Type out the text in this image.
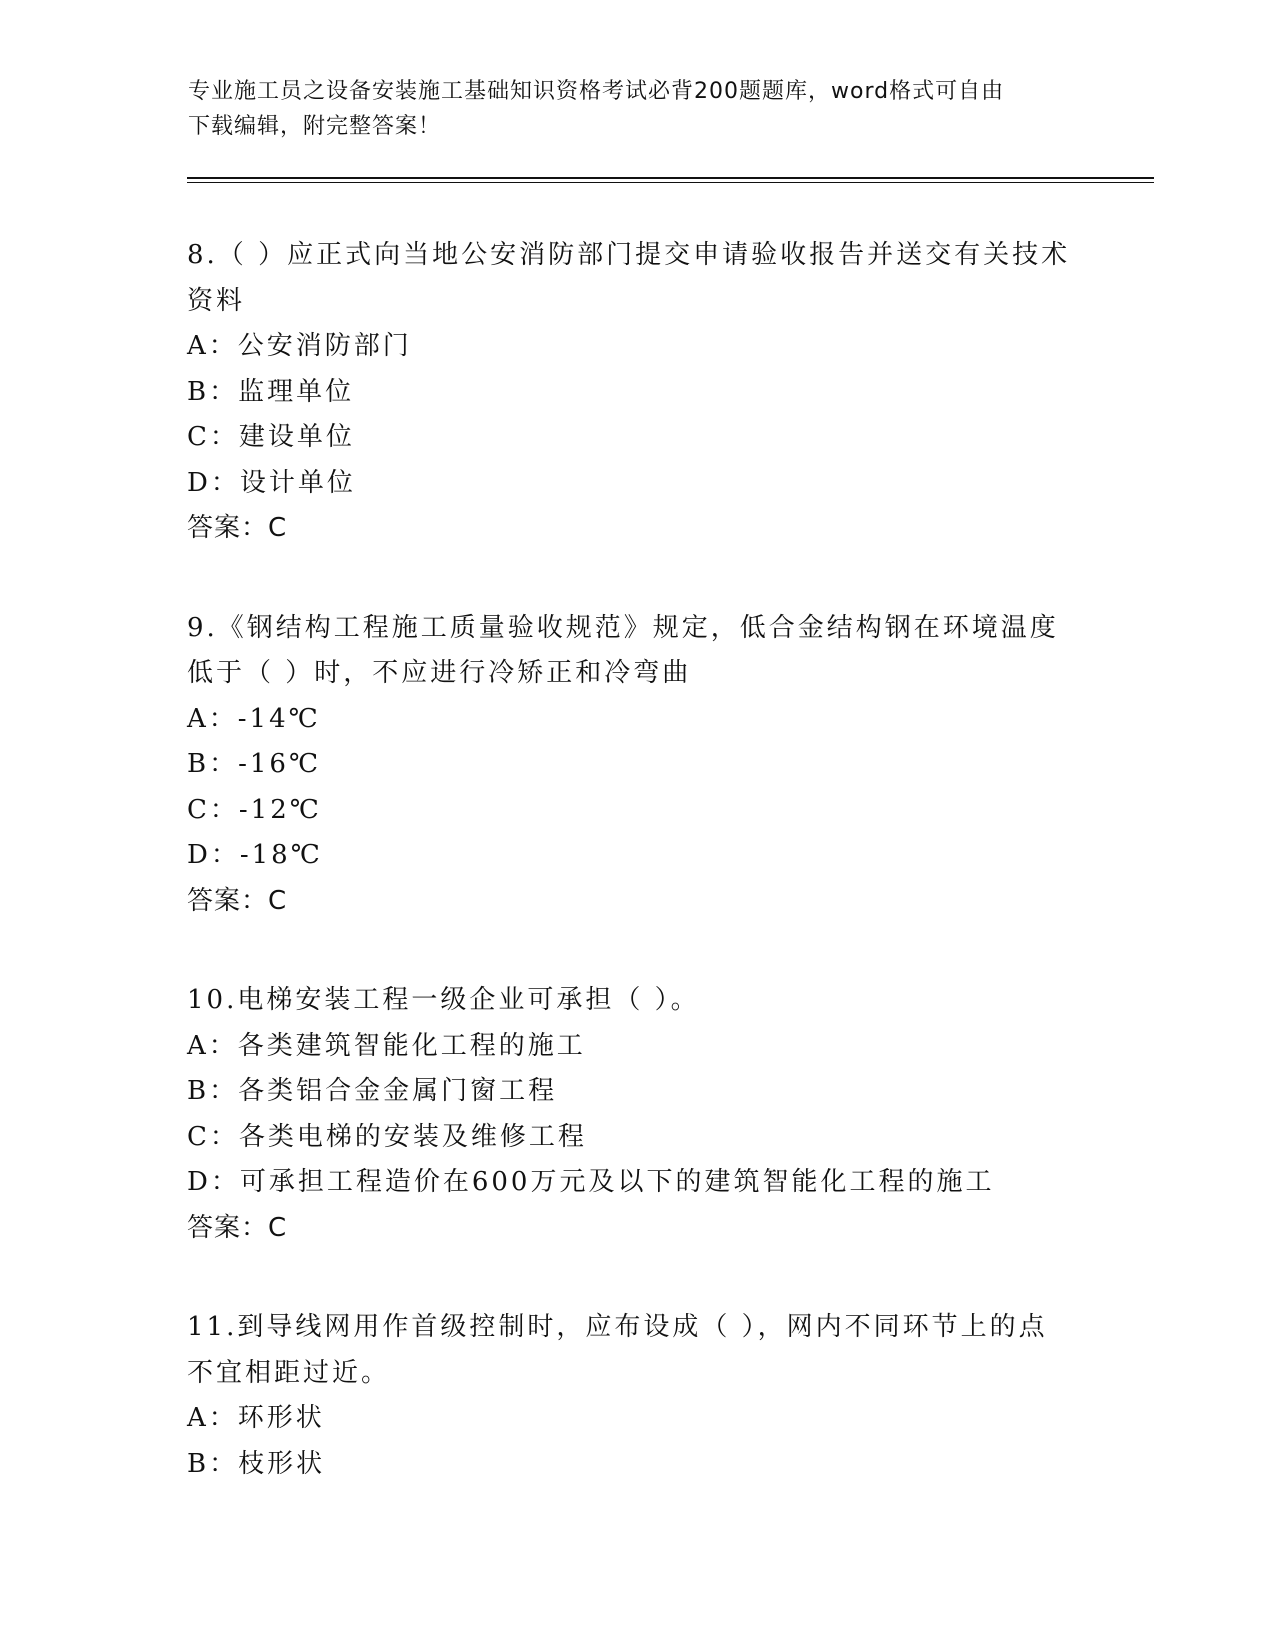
专业施工员之设备安装施工基础知识资格考试必背200题题库，word格式可自由
下载编辑，附完整答案！
8.（ ）应正式向当地公安消防部门提交申请验收报告并送交有关技术
资料
A：公安消防部门
B：监理单位
C：建设单位
D：设计单位
答案：C
9.《钢结构工程施工质量验收规范》规定，低合金结构钢在环境温度
低于（ ）时，不应进行冷矫正和冷弯曲
A：-14℃
B：-16℃
C：-12℃
D：-18℃
答案：C
10.电梯安装工程一级企业可承担（ ）。
A：各类建筑智能化工程的施工
B：各类铝合金金属门窗工程
C：各类电梯的安装及维修工程
D：可承担工程造价在600万元及以下的建筑智能化工程的施工
答案：C
11.到导线网用作首级控制时，应布设成（ ），网内不同环节上的点
不宜相距过近。
A：环形状
B：枝形状
